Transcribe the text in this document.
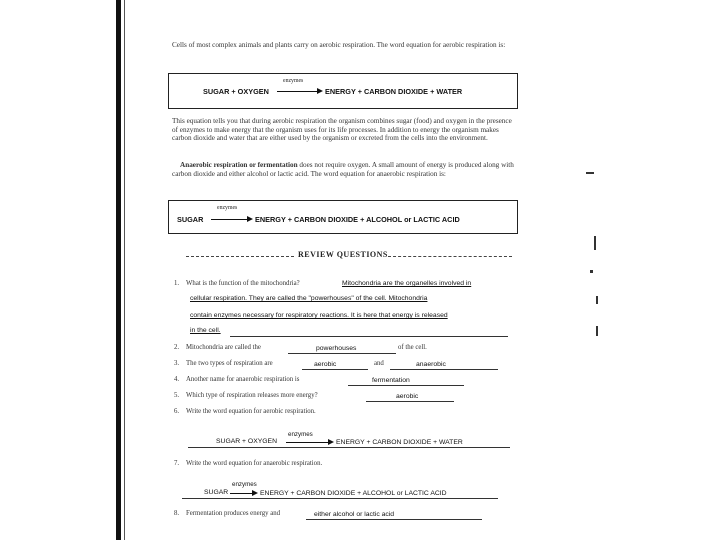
Cells of most complex animals and plants carry on aerobic respiration. The word equation for aerobic respiration is:

enzymes
SUGAR + OXYGEN	ENERGY + CARBON DIOXIDE + WATER

This equation tells you that during aerobic respiration the organism combines sugar (food) and oxygen in the presence of enzymes to make energy that the organism uses for its life processes. In addition to energy the organism makes carbon dioxide and water that are either used by the organism or excreted from the cells into the environment.

Anaerobic respiration or fermentation does not require oxygen. A small amount of energy is produced along with carbon dioxide and either alcohol or lactic acid. The word equation for anaerobic respiration is:

enzymes
SUGAR	ENERGY + CARBON DIOXIDE + ALCOHOL or LACTIC ACID
REVIEW QUESTIONS
1. What is the function of the mitochondria?	Mitochondria are the organelles involved in
cellular respiration. They are called the "powerhouses" of the cell. Mitochondria
contain enzymes necessary for respiratory reactions. It is here that energy is released
in the cell.
2. Mitochondria are called the	powerhouses	of the cell.
3. The two types of respiration are	aerobic	and	anaerobic
4. Another name for anaerobic respiration is	fermentation
5. Which type of respiration releases more energy?	aerobic
6. Write the word equation for aerobic respiration.
enzymes
SUGAR + OXYGEN	ENERGY + CARBON DIOXIDE + WATER
7. Write the word equation for anaerobic respiration.
enzymes
SUGAR	ENERGY + CARBON DIOXIDE + ALCOHOL or LACTIC ACID
8. Fermentation produces energy and	either alcohol or lactic acid
